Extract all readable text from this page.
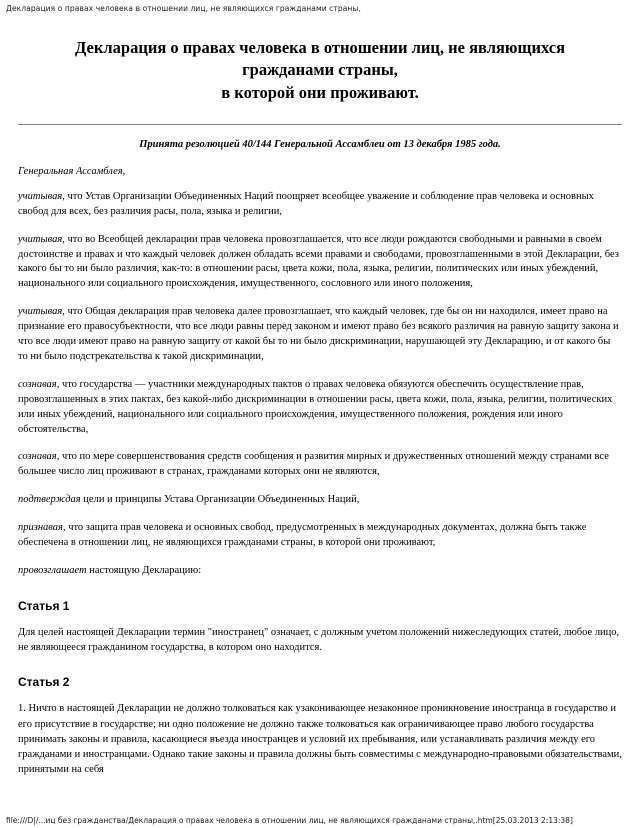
Декларация о правах человека в отношении лиц, не являющихся гражданами страны,
Декларация о правах человека в отношении лиц, не являющихся
гражданами страны,
в которой они проживают.
Принята резолюцией 40/144 Генеральной Ассамблеи от 13 декабря 1985 года.
Генеральная Ассамблея,

учитывая, что Устав Организации Объединенных Наций поощряет всеобщее уважение и соблюдение прав человека и основных свобод для всех, без различия расы, пола, языка и религии,

учитывая, что во Всеобщей декларации прав человека провозглашается, что все люди рождаются свободными и равными в своем достоинстве и правах и что каждый человек должен обладать всеми правами и свободами, провозглашенными в этой Декларации, без какого бы то ни было различия, как-то: в отношении расы, цвета кожи, пола, языка, религии, политических или иных убеждений, национального или социального происхождения, имущественного, сословного или иного положения,

учитывая, что Общая декларация прав человека далее провозглашает, что каждый человек, где бы он ни находился, имеет право на признание его правосубъектности, что все люди равны перед законом и имеют право без всякого различия на равную защиту закона и что все люди имеют право на равную защиту от какой бы то ни было дискриминации, нарушающей эту Декларацию, и от какого бы то ни было подстрекательства к такой дискриминации,

сознавая, что государства — участники международных пактов о правах человека обязуются обеспечить осуществление прав, провозглашенных в этих пактах, без какой-либо дискриминации в отношении расы, цвета кожи, пола, языка, религии, политических или иных убеждений, национального или социального происхождения, имущественного положения, рождения или иного обстоятельства,

сознавая, что по мере совершенствования средств сообщения и развития мирных и дружественных отношений между странами все большее число лиц проживают в странах, гражданами которых они не являются,

подтверждая цели и принципы Устава Организации Объединенных Наций,

признавая, что защита прав человека и основных свобод, предусмотренных в международных документах, должна быть также обеспечена в отношении лиц, не являющихся гражданами страны, в которой они проживают,

провозглашает настоящую Декларацию:

Статья 1

Для целей настоящей Декларации термин "иностранец" означает, с должным учетом положений нижеследующих статей, любое лицо, не являющееся гражданином государства, в котором оно находится.

Статья 2

1. Ничто в настоящей Декларации не должно толковаться как узаконивающее незаконное проникновение иностранца в государство и его присутствие в государстве; ни одно положение не должно также толковаться как ограничивающее право любого государства принимать законы и правила, касающиеся въезда иностранцев и условий их пребывания, или устанавливать различия между его гражданами и иностранцами. Однако такие законы и правила должны быть совместимы с международно-правовыми обязательствами, принятыми на себя

file:///D|/...иц без гражданства/Декларация о правах человека в отношении лиц, не являющихся гражданами страны,.htm[25.03.2013 2:13:38]
